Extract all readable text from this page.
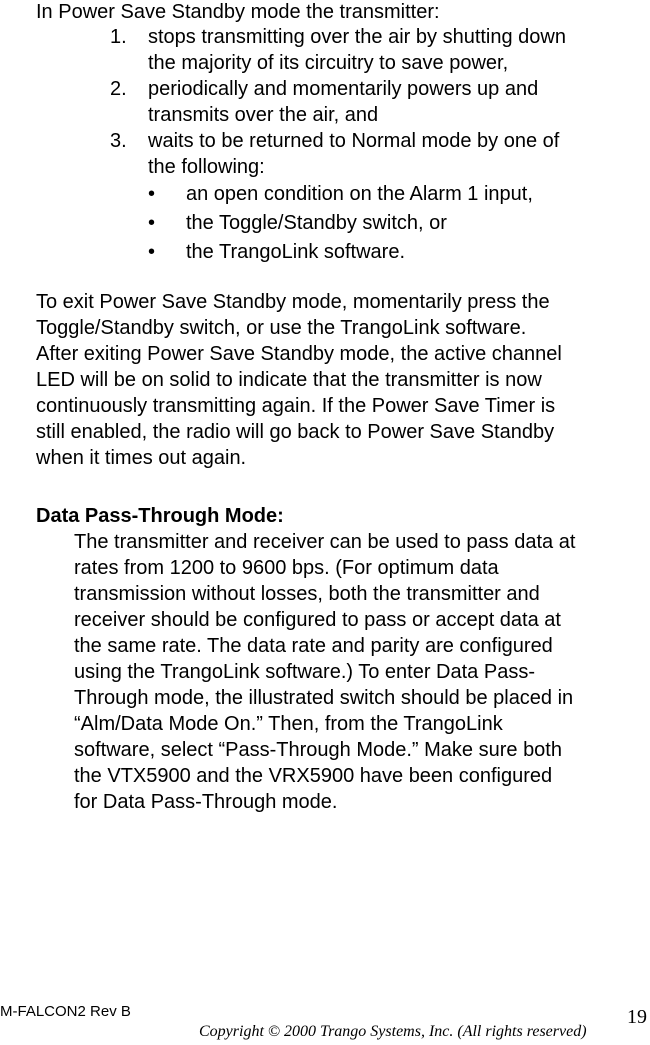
In Power Save Standby mode the transmitter:
1.	stops transmitting over the air by shutting down
the majority of its circuitry to save power,
2.	periodically and momentarily powers up and
transmits over the air, and
3.	waits to be returned to Normal mode by one of
the following:
• an open condition on the Alarm 1 input,
• the Toggle/Standby switch, or
• the TrangoLink software.
To exit Power Save Standby mode, momentarily press the
Toggle/Standby switch, or use the TrangoLink software.
After exiting Power Save Standby mode, the active channel
LED will be on solid to indicate that the transmitter is now
continuously transmitting again. If the Power Save Timer is
still enabled, the radio will go back to Power Save Standby
when it times out again.
Data Pass-Through Mode:
The transmitter and receiver can be used to pass data at
rates from 1200 to 9600 bps. (For optimum data
transmission without losses, both the transmitter and
receiver should be configured to pass or accept data at
the same rate. The data rate and parity are configured
using the TrangoLink software.) To enter Data Pass-
Through mode, the illustrated switch should be placed in
“Alm/Data Mode On.” Then, from the TrangoLink
software, select “Pass-Through Mode.” Make sure both
the VTX5900 and the VRX5900 have been configured
for Data Pass-Through mode.
M-FALCON2 Rev B
Copyright © 2000 Trango Systems, Inc. (All rights reserved)
19
